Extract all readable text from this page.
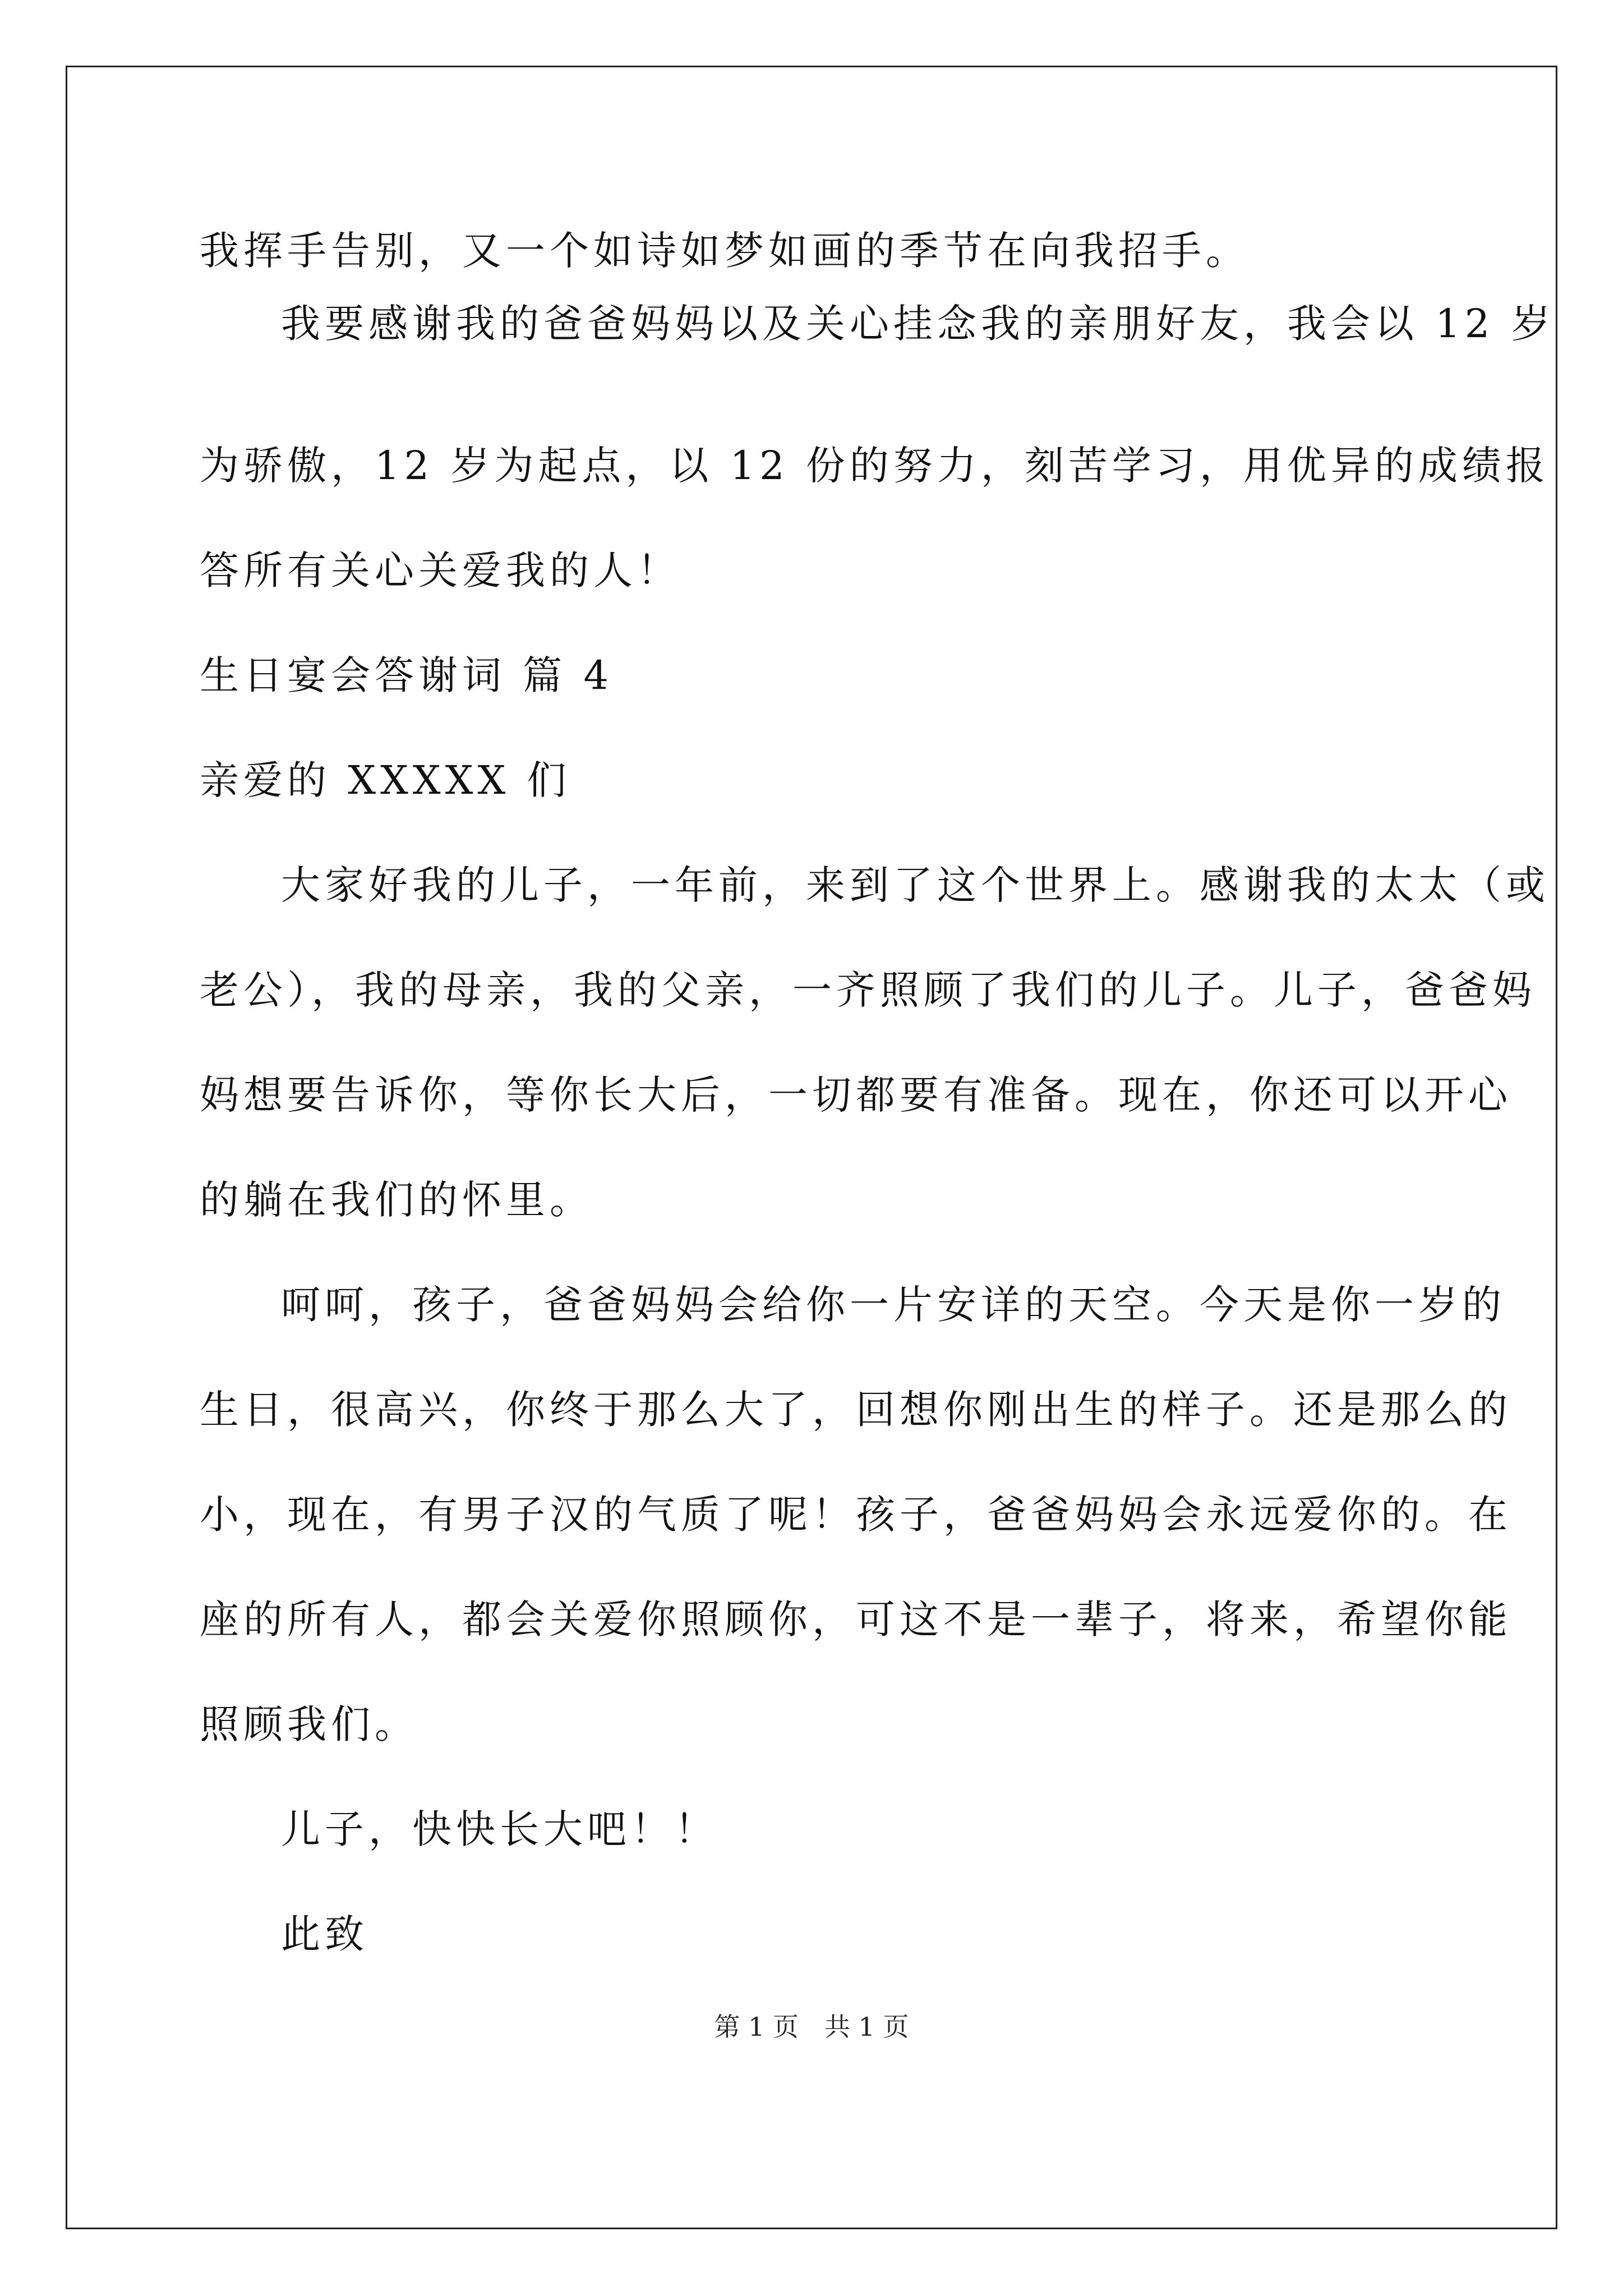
我挥手告别，又一个如诗如梦如画的季节在向我招手。
我要感谢我的爸爸妈妈以及关心挂念我的亲朋好友，我会以 12 岁
为骄傲，12 岁为起点，以 12 份的努力，刻苦学习，用优异的成绩报
答所有关心关爱我的人！
生日宴会答谢词 篇 4
亲爱的 XXXXX 们
大家好我的儿子，一年前，来到了这个世界上。感谢我的太太（或
老公），我的母亲，我的父亲，一齐照顾了我们的儿子。儿子，爸爸妈
妈想要告诉你，等你长大后，一切都要有准备。现在，你还可以开心
的躺在我们的怀里。
呵呵，孩子，爸爸妈妈会给你一片安详的天空。今天是你一岁的
生日，很高兴，你终于那么大了，回想你刚出生的样子。还是那么的
小，现在，有男子汉的气质了呢！孩子，爸爸妈妈会永远爱你的。在
座的所有人，都会关爱你照顾你，可这不是一辈子，将来，希望你能
照顾我们。
儿子，快快长大吧！！
此致
第 1 页　共 1 页
